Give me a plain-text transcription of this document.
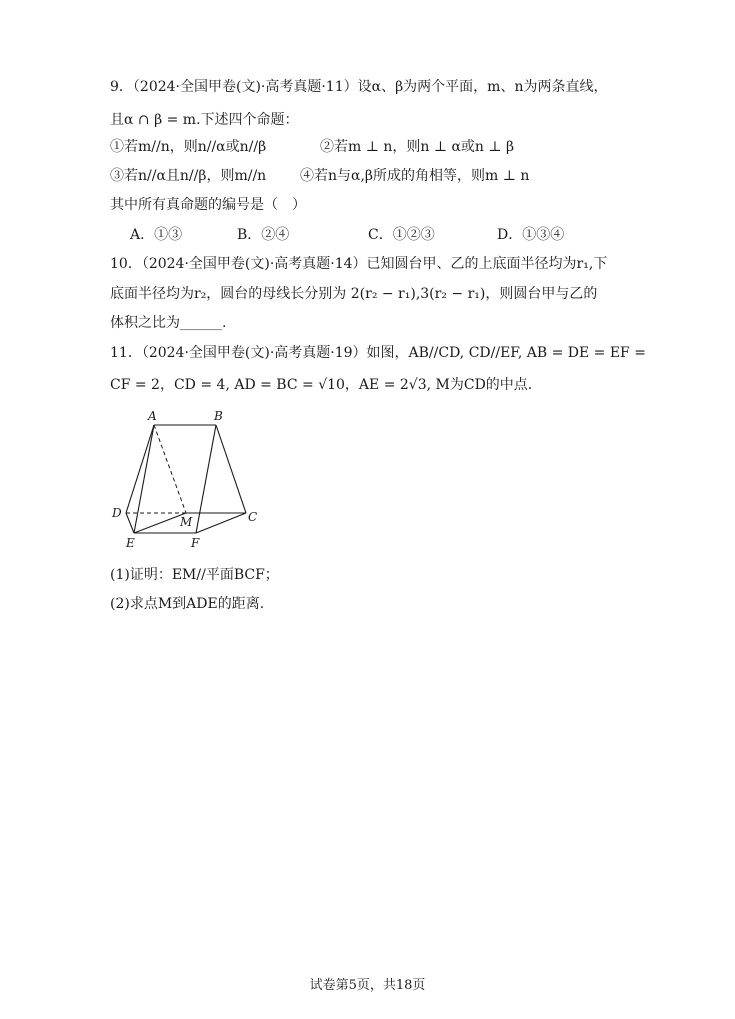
9．（2024·全国甲卷(文)·高考真题·11）设α、β为两个平面，m、n为两条直线，
且α ∩ β = m.下述四个命题：
①若m//n，则n//α或n//β	②若m ⊥ n，则n ⊥ α或n ⊥ β
③若n//α且n//β，则m//n ④若n与α,β所成的角相等，则m ⊥ n
其中所有真命题的编号是（　）
A．①③	B．②④	C．①②③	D．①③④
10．（2024·全国甲卷(文)·高考真题·14）已知圆台甲、乙的上底面半径均为r₁,下
底面半径均为r₂，圆台的母线长分别为 2(r₂ − r₁),3(r₂ − r₁)，则圆台甲与乙的
体积之比为______.
11．（2024·全国甲卷(文)·高考真题·19）如图，AB//CD, CD//EF, AB = DE = EF =
CF = 2，CD = 4, AD = BC = √10，AE = 2√3, M为CD的中点.
A	B
C
D
E	F
M
(1)证明：EM//平面BCF；
(2)求点M到ADE的距离.
试卷第5页，共18页
